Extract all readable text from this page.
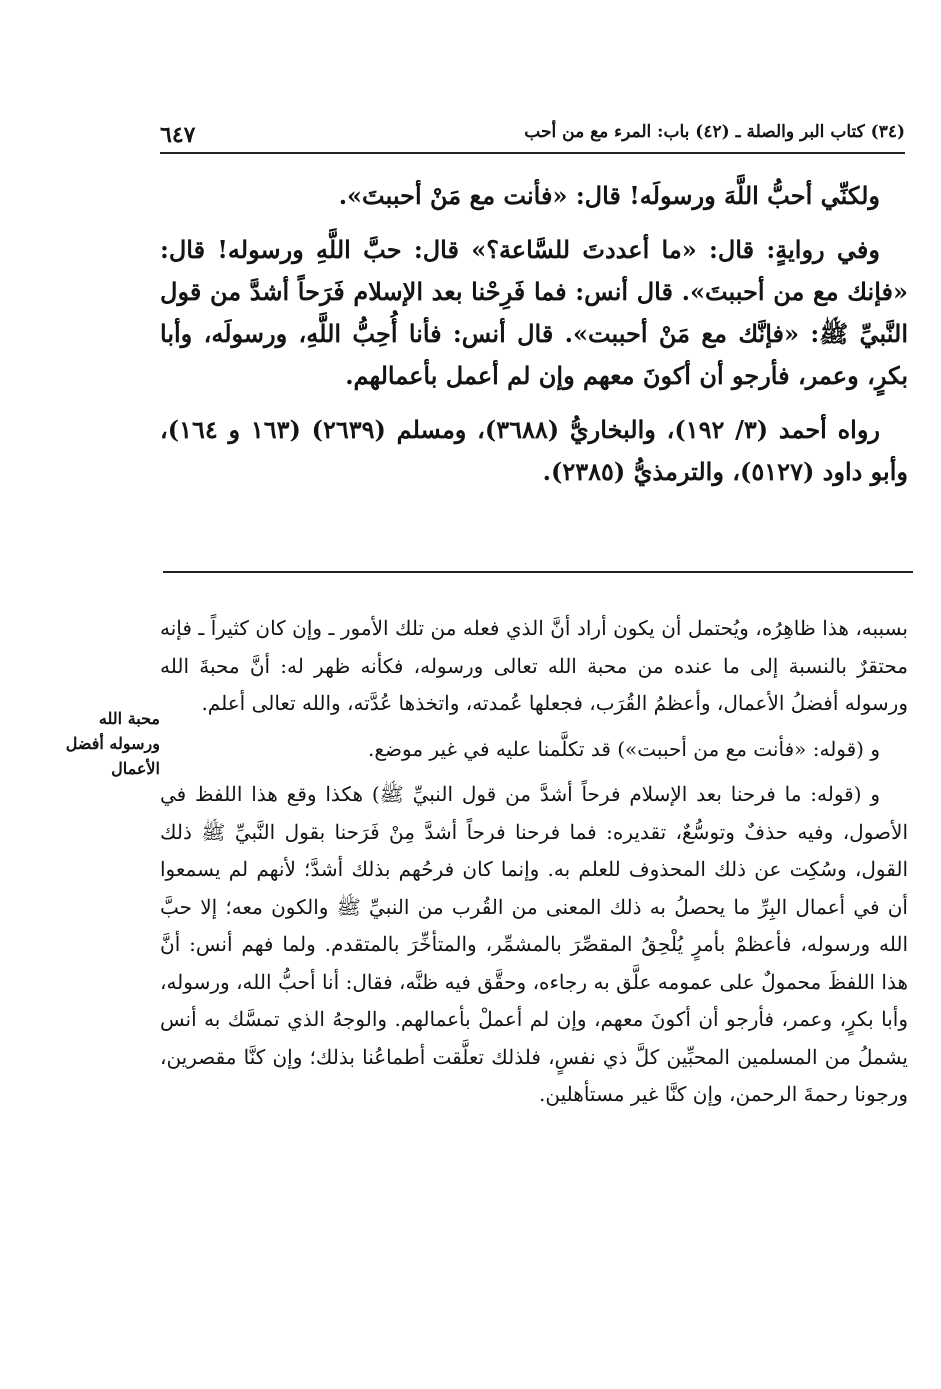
٦٤٧	(٣٤) كتاب البر والصلة ـ (٤٢) باب: المرء مع من أحب

ولكنِّي أحبُّ اللَّهَ ورسولَه! قال: «فأنت مع مَنْ أحببتَ».

وفي روايةٍ: قال: «ما أعددتَ للسَّاعة؟» قال: حبَّ اللَّهِ ورسوله! قال: «فإنك مع من أحببتَ». قال أنس: فما فَرِحْنا بعد الإسلام فَرَحاً أشدَّ من قول النَّبيِّ ﷺ: «فإنَّك مع مَنْ أحببت». قال أنس: فأنا أُحِبُّ اللَّهِ، ورسولَه، وأبا بكرٍ، وعمر، فأرجو أن أكونَ معهم وإن لم أعمل بأعمالهم.

رواه أحمد (٣/ ١٩٢)، والبخاريُّ (٣٦٨٨)، ومسلم (٢٦٣٩) (١٦٣ و ١٦٤)، وأبو داود (٥١٢٧)، والترمذيُّ (٢٣٨٥).

بسببه، هذا ظاهِرُه، ويُحتمل أن يكون أراد أنَّ الذي فعله من تلك الأمور ـ وإن كان كثيراً ـ فإنه محتقرٌ بالنسبة إلى ما عنده من محبة الله تعالى ورسوله، فكأنه ظهر له: أنَّ محبةَ الله ورسوله أفضلُ الأعمال، وأعظمُ القُرَب، فجعلها عُمدته، واتخذها عُدَّته، والله تعالى أعلم.

و (قوله: «فأنت مع من أحببت») قد تكلَّمنا عليه في غير موضع.

و (قوله: ما فرحنا بعد الإسلام فرحاً أشدَّ من قول النبيِّ ﷺ) هكذا وقع هذا اللفظ في الأصول، وفيه حذفٌ وتوسُّعٌ، تقديره: فما فرحنا فرحاً أشدَّ مِنْ فَرَحنا بقول النَّبيِّ ﷺ ذلك القول، وسُكِت عن ذلك المحذوف للعلم به. وإنما كان فرحُهم بذلك أشدَّ؛ لأنهم لم يسمعوا أن في أعمال البِرِّ ما يحصلُ به ذلك المعنى من القُرب من النبيِّ ﷺ والكون معه؛ إلا حبَّ الله ورسوله، فأعظمْ بأمرٍ يُلْحِقُ المقصِّرَ بالمشمِّر، والمتأخِّرَ بالمتقدم. ولما فهم أنس: أنَّ هذا اللفظَ محمولٌ على عمومه علَّق به رجاءه، وحقَّق فيه ظنَّه، فقال: أنا أحبُّ الله، ورسوله، وأبا بكرٍ، وعمر، فأرجو أن أكونَ معهم، وإن لم أعملْ بأعمالهم. والوجهُ الذي تمسَّك به أنس يشملُ من المسلمين المحبِّين كلَّ ذي نفسٍ، فلذلك تعلَّقت أطماعُنا بذلك؛ وإن كنَّا مقصرين، ورجونا رحمةَ الرحمن، وإن كنَّا غير مستأهلين.

محبة الله ورسوله أفضل الأعمال
